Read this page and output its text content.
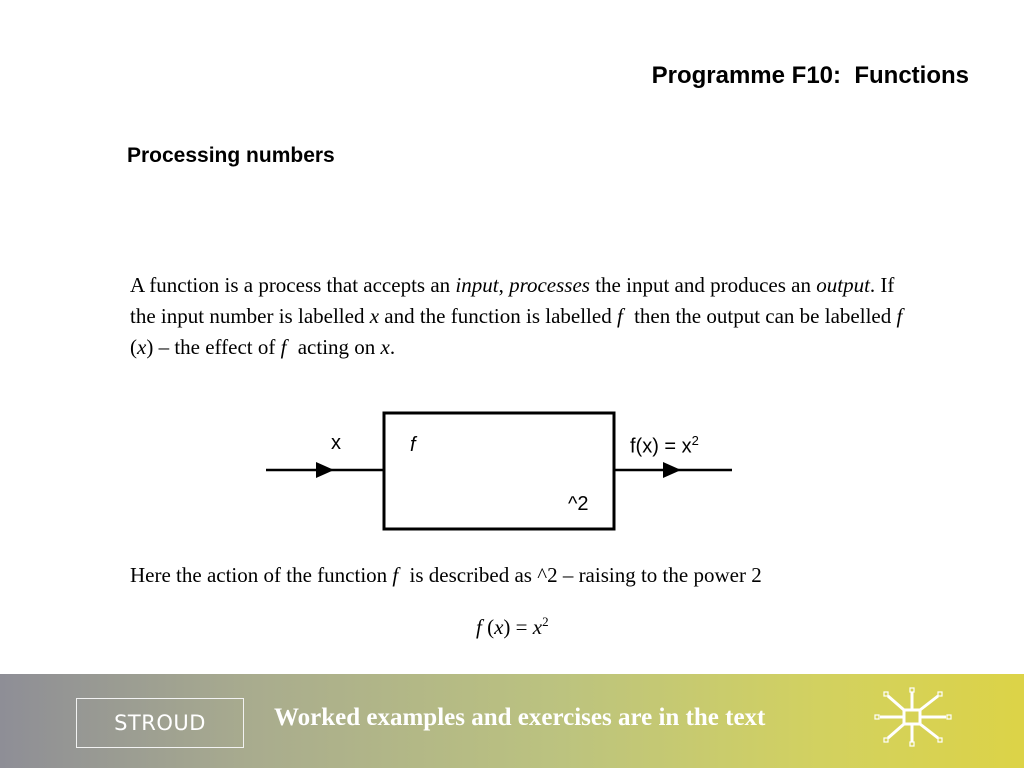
Programme F10:  Functions
Processing numbers
A function is a process that accepts an input, processes the input and produces an output. If the input number is labelled x and the function is labelled f then the output can be labelled f (x) – the effect of f acting on x.
x	f
^2
$f(x) = x^2$
Here the action of the function f is described as ^2 – raising to the power 2
f $(x) = x^2$
STROUD	Worked examples and exercises are in the text
